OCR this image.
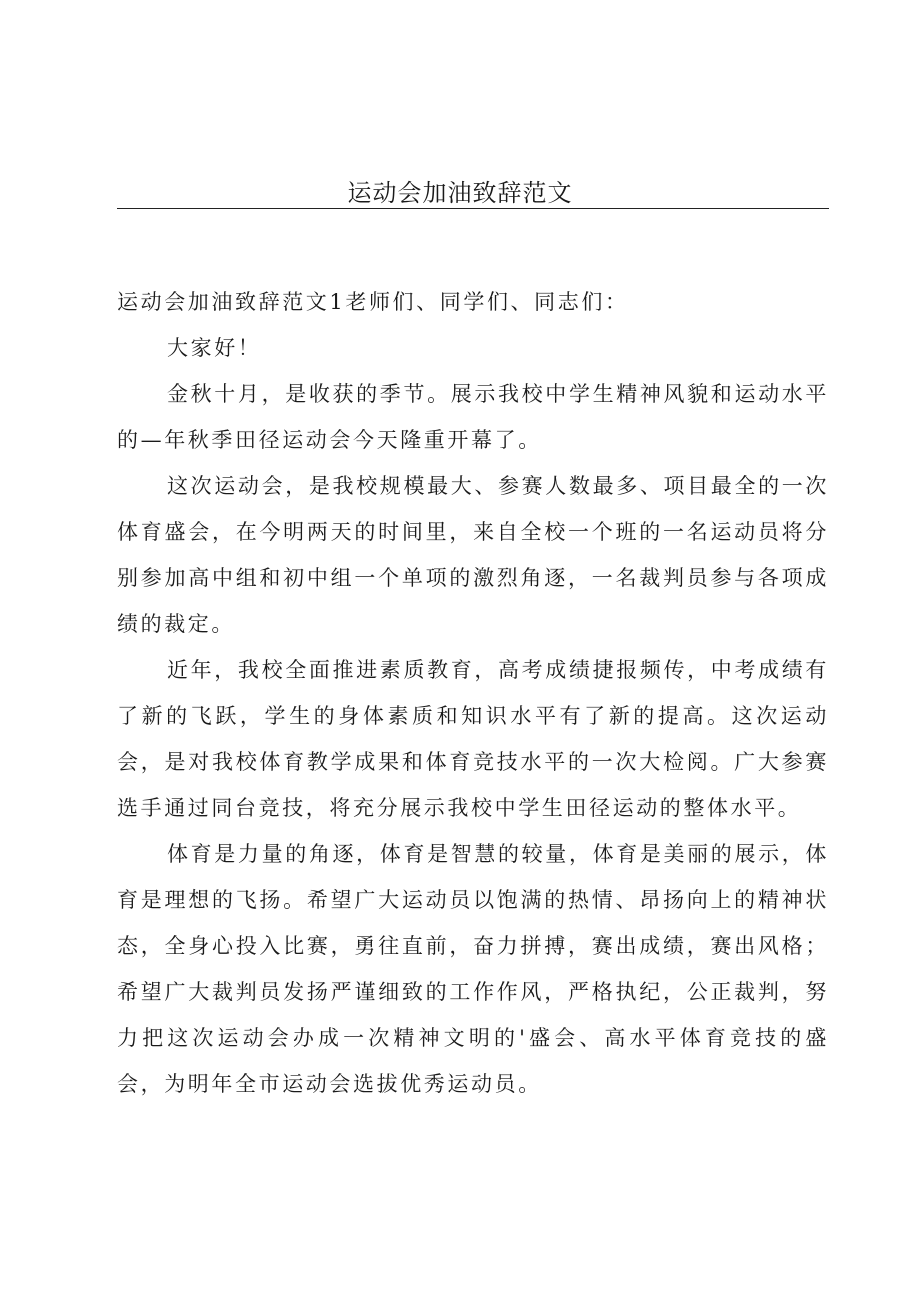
运动会加油致辞范文

运动会加油致辞范文1老师们、同学们、同志们：

大家好！

金秋十月，是收获的季节。展示我校中学生精神风貌和运动水平的—年秋季田径运动会今天隆重开幕了。

这次运动会，是我校规模最大、参赛人数最多、项目最全的一次体育盛会，在今明两天的时间里，来自全校一个班的一名运动员将分别参加高中组和初中组一个单项的激烈角逐，一名裁判员参与各项成绩的裁定。

近年，我校全面推进素质教育，高考成绩捷报频传，中考成绩有了新的飞跃，学生的身体素质和知识水平有了新的提高。这次运动会，是对我校体育教学成果和体育竞技水平的一次大检阅。广大参赛选手通过同台竞技，将充分展示我校中学生田径运动的整体水平。

体育是力量的角逐，体育是智慧的较量，体育是美丽的展示，体育是理想的飞扬。希望广大运动员以饱满的热情、昂扬向上的精神状态，全身心投入比赛，勇往直前，奋力拼搏，赛出成绩，赛出风格；希望广大裁判员发扬严谨细致的工作作风，严格执纪，公正裁判，努力把这次运动会办成一次精神文明的'盛会、高水平体育竞技的盛会，为明年全市运动会选拔优秀运动员。
